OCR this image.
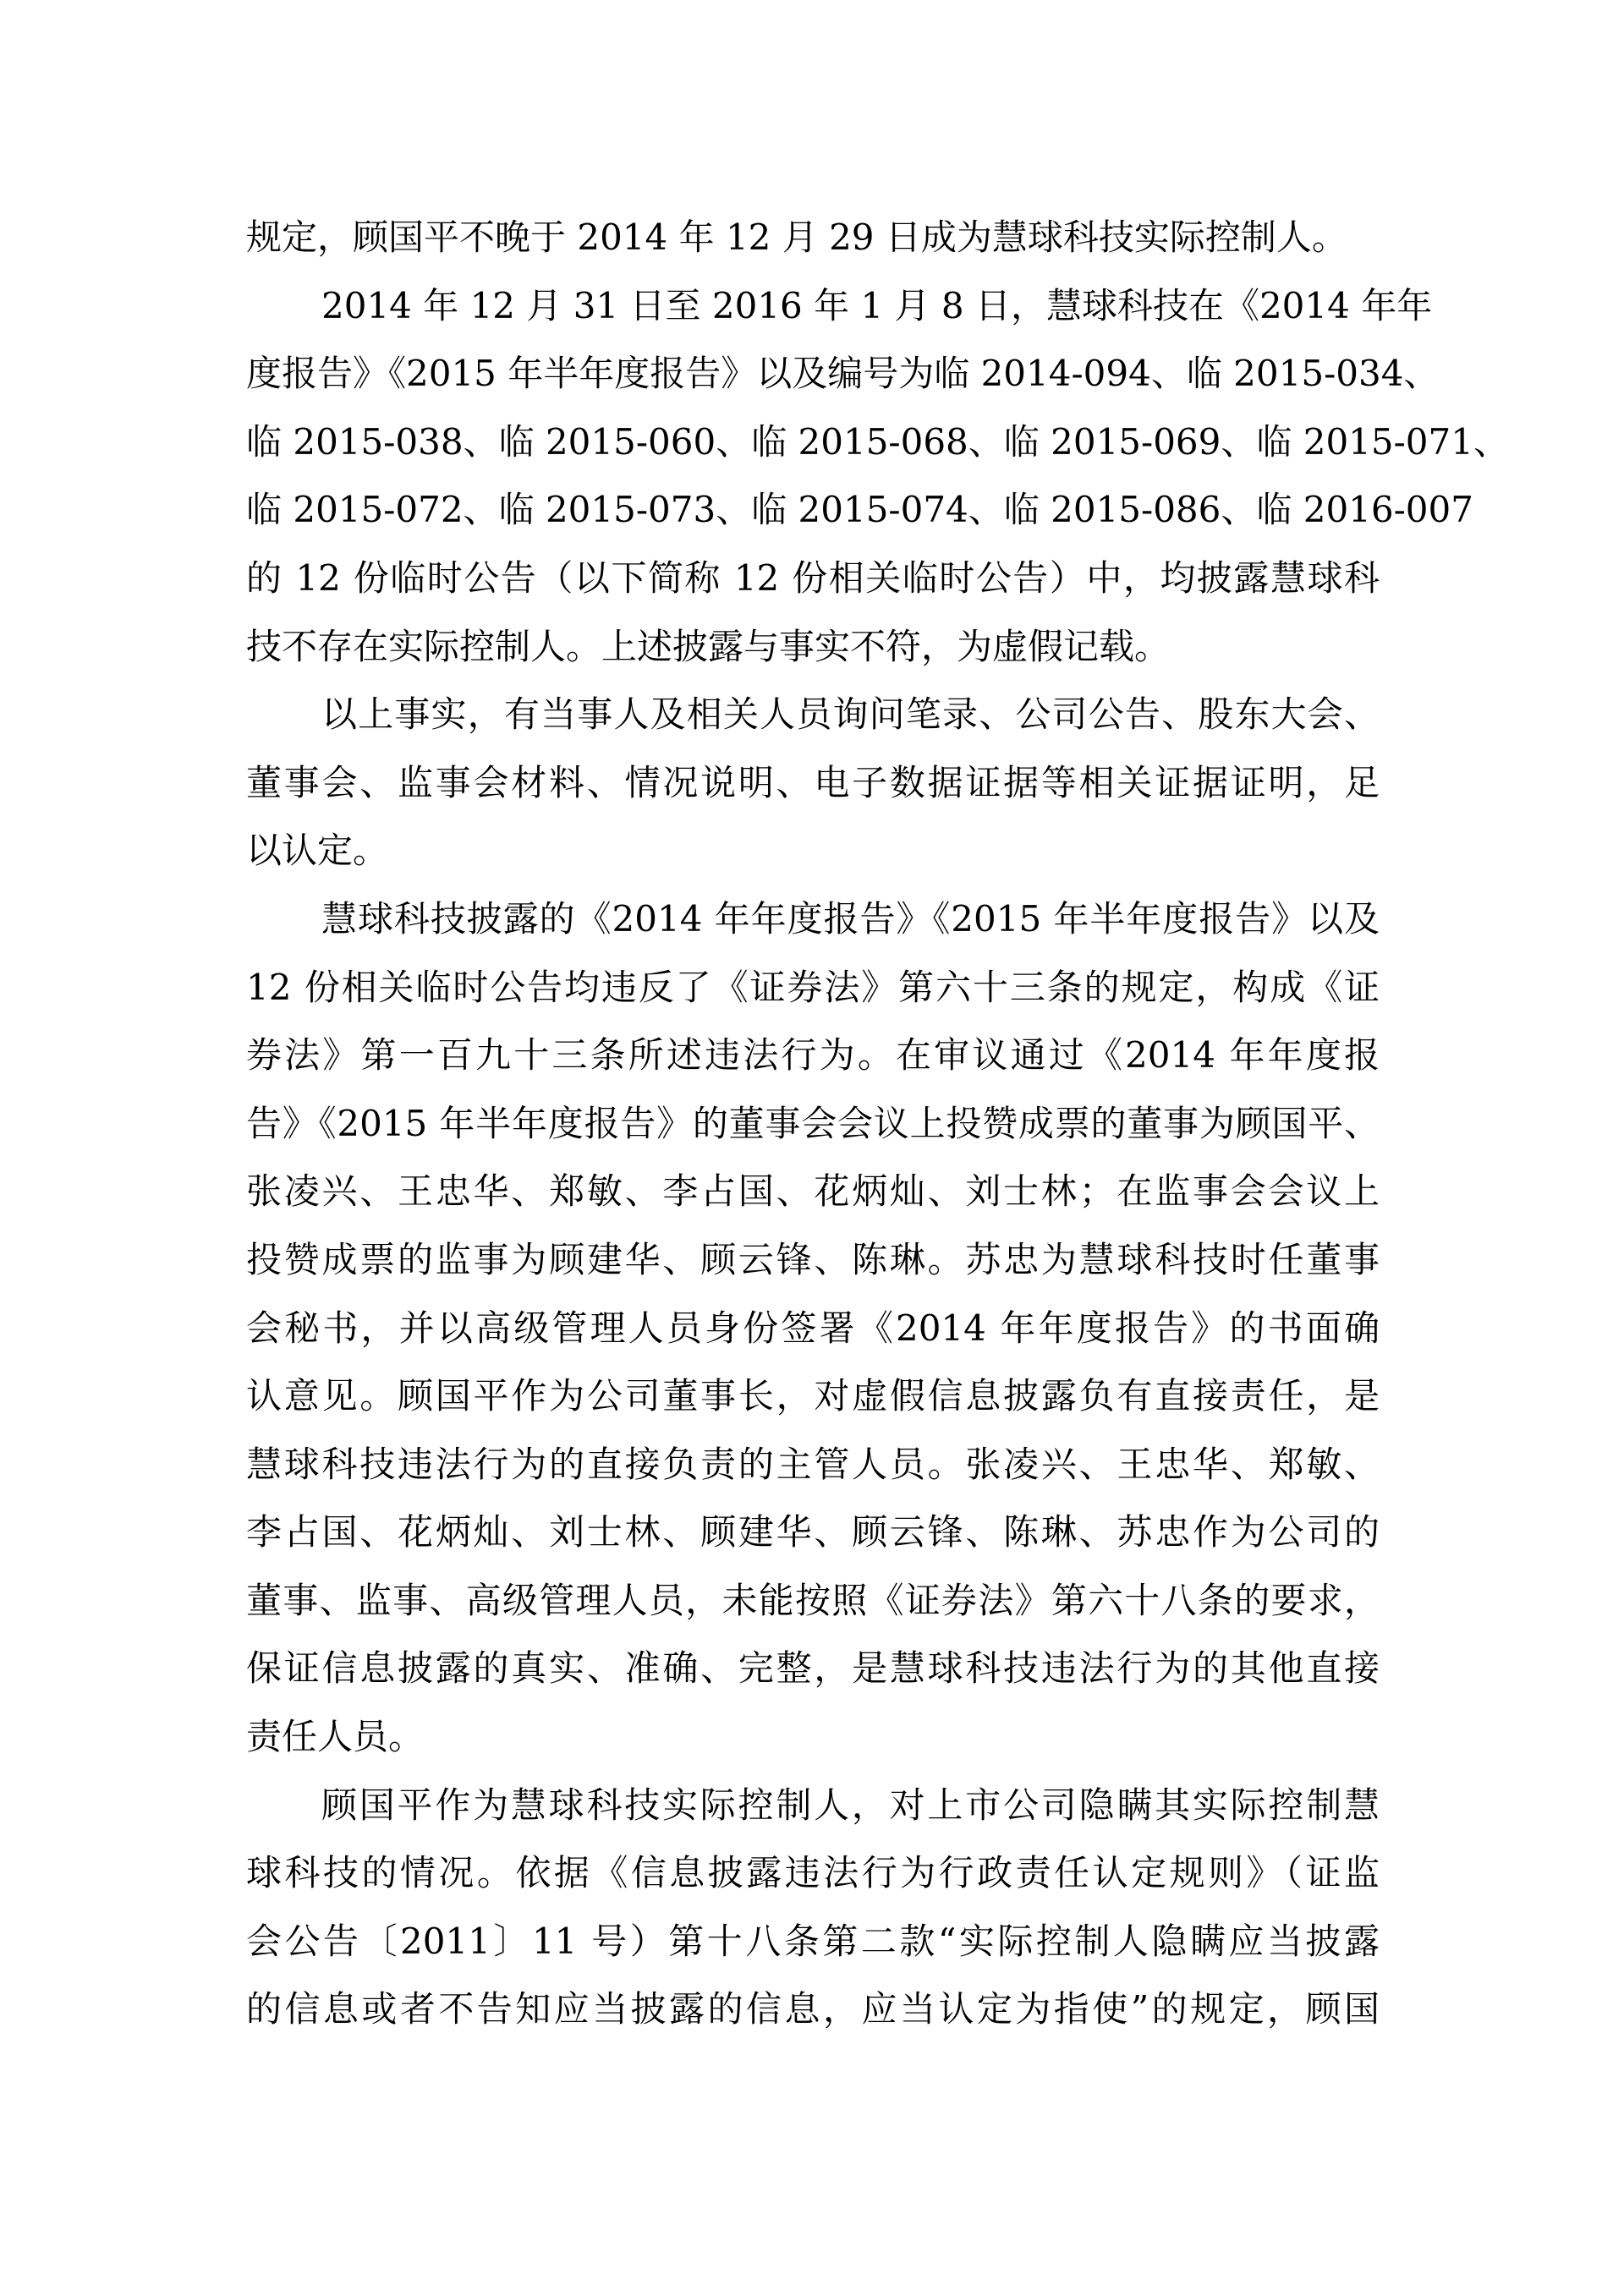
规定，顾国平不晚于 2014 年 12 月 29 日成为慧球科技实际控制人。
2014 年 12 月 31 日至 2016 年 1 月 8 日，慧球科技在《2014 年年
度报告》《2015 年半年度报告》以及编号为临 2014-094、临 2015-034、
临 2015-038、临 2015-060、临 2015-068、临 2015-069、临 2015-071、
临 2015-072、临 2015-073、临 2015-074、临 2015-086、临 2016-007
的 12 份临时公告（以下简称 12 份相关临时公告）中，均披露慧球科
技不存在实际控制人。上述披露与事实不符，为虚假记载。
以上事实，有当事人及相关人员询问笔录、公司公告、股东大会、
董事会、监事会材料、情况说明、电子数据证据等相关证据证明，足
以认定。
慧球科技披露的《2014 年年度报告》《2015 年半年度报告》以及
12 份相关临时公告均违反了《证券法》第六十三条的规定，构成《证
券法》第一百九十三条所述违法行为。在审议通过《2014 年年度报
告》《2015 年半年度报告》的董事会会议上投赞成票的董事为顾国平、
张凌兴、王忠华、郑敏、李占国、花炳灿、刘士林；在监事会会议上
投赞成票的监事为顾建华、顾云锋、陈琳。苏忠为慧球科技时任董事
会秘书，并以高级管理人员身份签署《2014 年年度报告》的书面确
认意见。顾国平作为公司董事长，对虚假信息披露负有直接责任，是
慧球科技违法行为的直接负责的主管人员。张凌兴、王忠华、郑敏、
李占国、花炳灿、刘士林、顾建华、顾云锋、陈琳、苏忠作为公司的
董事、监事、高级管理人员，未能按照《证券法》第六十八条的要求，
保证信息披露的真实、准确、完整，是慧球科技违法行为的其他直接
责任人员。
顾国平作为慧球科技实际控制人，对上市公司隐瞒其实际控制慧
球科技的情况。依据《信息披露违法行为行政责任认定规则》（证监
会公告〔2011〕11 号）第十八条第二款“实际控制人隐瞒应当披露
的信息或者不告知应当披露的信息，应当认定为指使”的规定，顾国
